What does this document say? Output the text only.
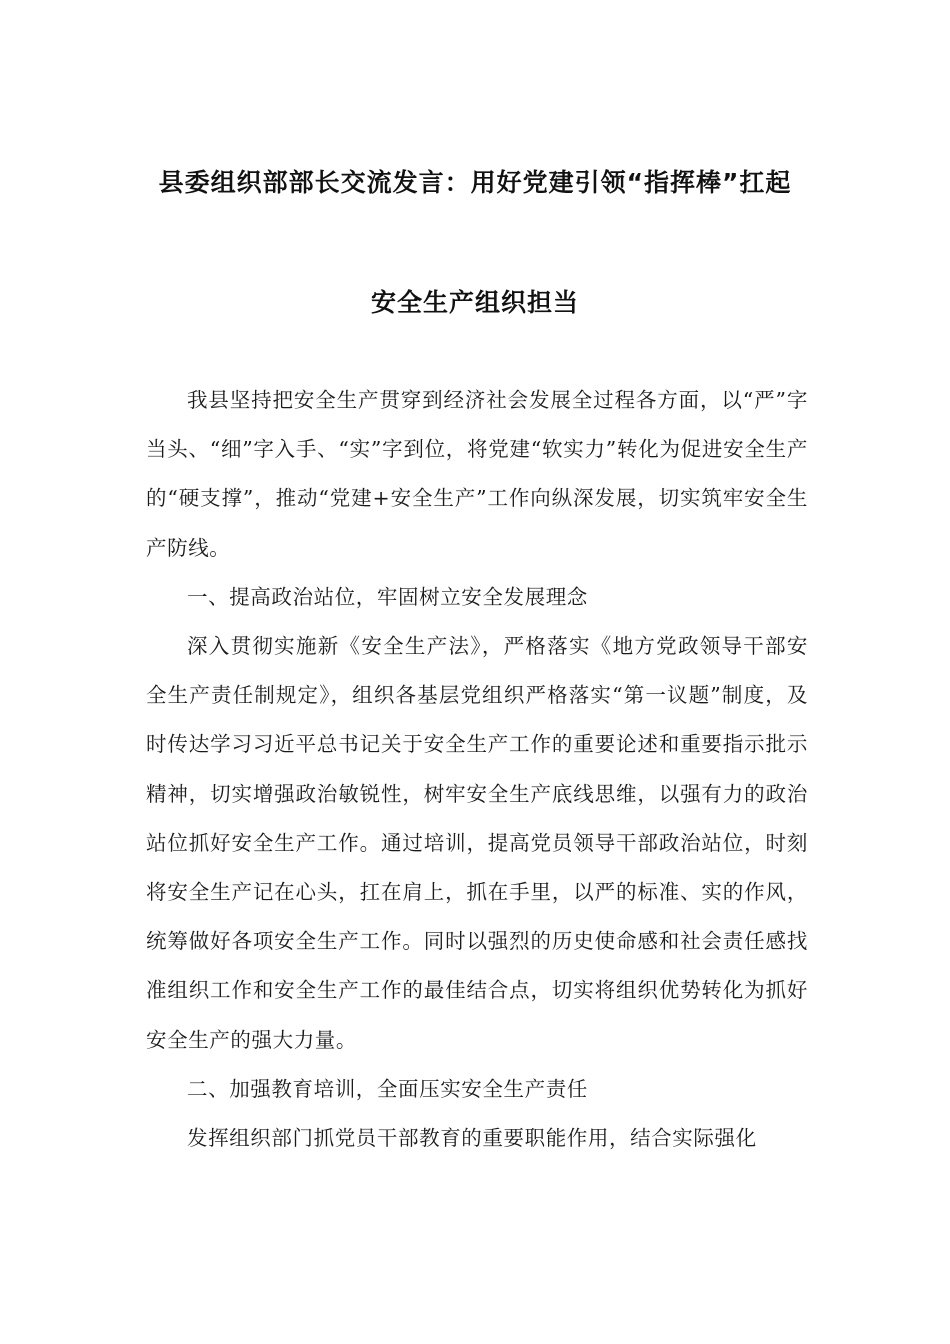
县委组织部部长交流发言：用好党建引领“指挥棒”扛起
安全生产组织担当

我县坚持把安全生产贯穿到经济社会发展全过程各方面，以“严”字当头、“细”字入手、“实”字到位，将党建“软实力”转化为促进安全生产的“硬支撑”，推动“党建+安全生产”工作向纵深发展，切实筑牢安全生产防线。

一、提高政治站位，牢固树立安全发展理念

深入贯彻实施新《安全生产法》，严格落实《地方党政领导干部安全生产责任制规定》，组织各基层党组织严格落实“第一议题”制度，及时传达学习习近平总书记关于安全生产工作的重要论述和重要指示批示精神，切实增强政治敏锐性，树牢安全生产底线思维，以强有力的政治站位抓好安全生产工作。通过培训，提高党员领导干部政治站位，时刻将安全生产记在心头，扛在肩上，抓在手里，以严的标准、实的作风，统筹做好各项安全生产工作。同时以强烈的历史使命感和社会责任感找准组织工作和安全生产工作的最佳结合点，切实将组织优势转化为抓好安全生产的强大力量。

二、加强教育培训，全面压实安全生产责任

发挥组织部门抓党员干部教育的重要职能作用，结合实际强化
